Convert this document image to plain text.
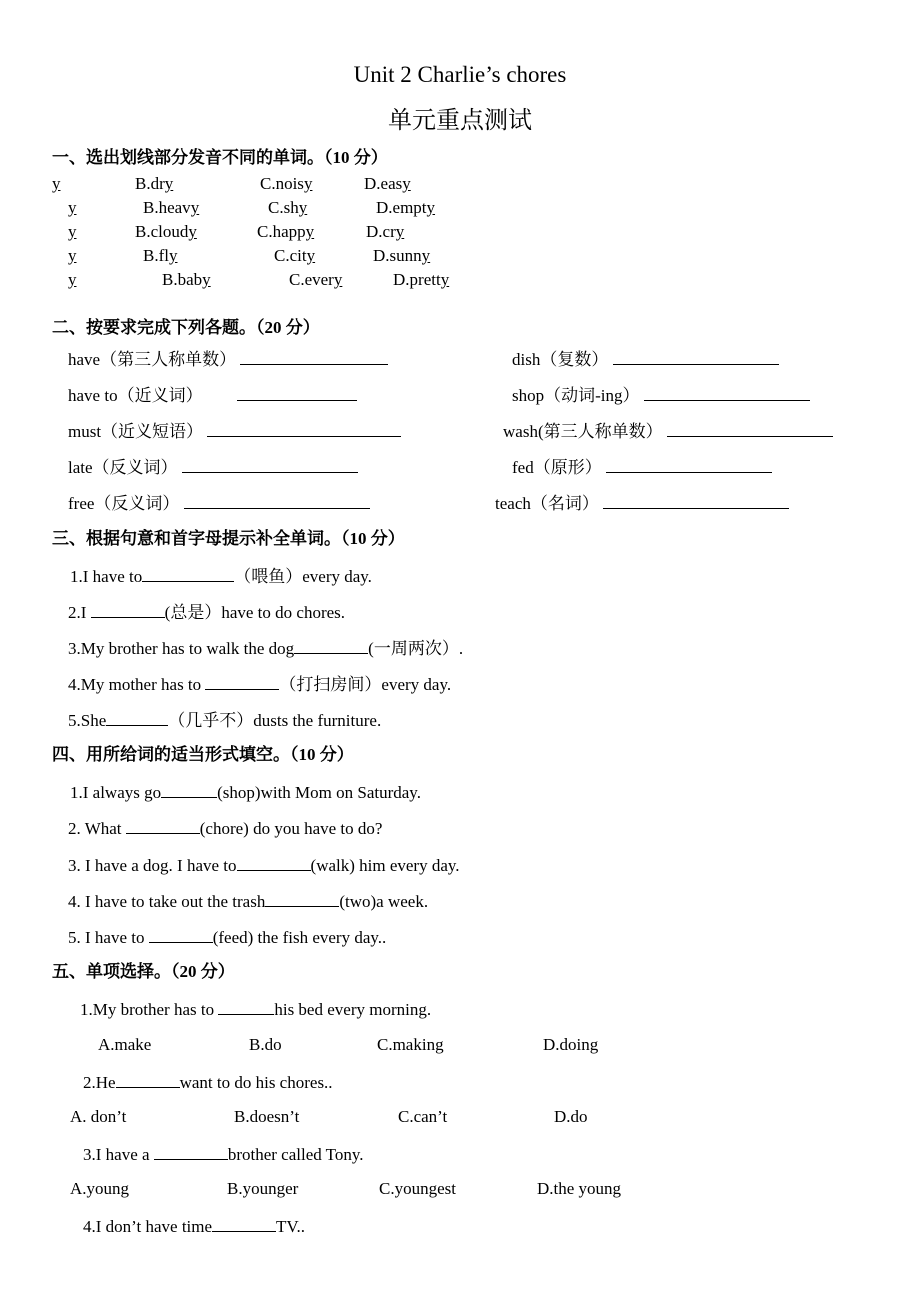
Unit 2 Charlie’s chores
单元重点测试
一、选出划线部分发音不同的单词。（10 分）
y	B.dry	C.noisy	D.easy
y	B.heavy	C.shy	D.empty
y	B.cloudy	C.happy	D.cry
y	B.fly	C.city	D.sunny
y	B.baby	C.every	D.pretty
二、按要求完成下列各题。（20 分）
have（第三人称单数）	dish（复数）
have to（近义词）	shop（动词-ing）
must（近义短语）	wash(第三人称单数）
late（反义词）	fed（原形）
free（反义词）	teach（名词）
三、根据句意和首字母提示补全单词。（10 分）
1.I have to	（喂鱼）every day.
2.I	(总是）have to do chores.
3.My brother has to walk the dog	(一周两次）.
4.My mother has to	（打扫房间）every day.
5.She	（几乎不）dusts the furniture.
四、用所给词的适当形式填空。（10 分）
1.I always go	(shop)with Mom on Saturday.
2. What	(chore) do you have to do?
3. I have a dog. I have to	(walk) him every day.
4. I have to take out the trash	(two)a week.
5. I have to	(feed) the fish every day..
五、单项选择。（20 分）
1.My brother has to	his bed every morning.
A.make	B.do	C.making	D.doing
2.He	want to do his chores..
A. don’t	B.doesn’t	C.can’t	D.do
3.I have a	brother called Tony.
A.young	B.younger	C.youngest	D.the young
4.I don’t have time	TV..
